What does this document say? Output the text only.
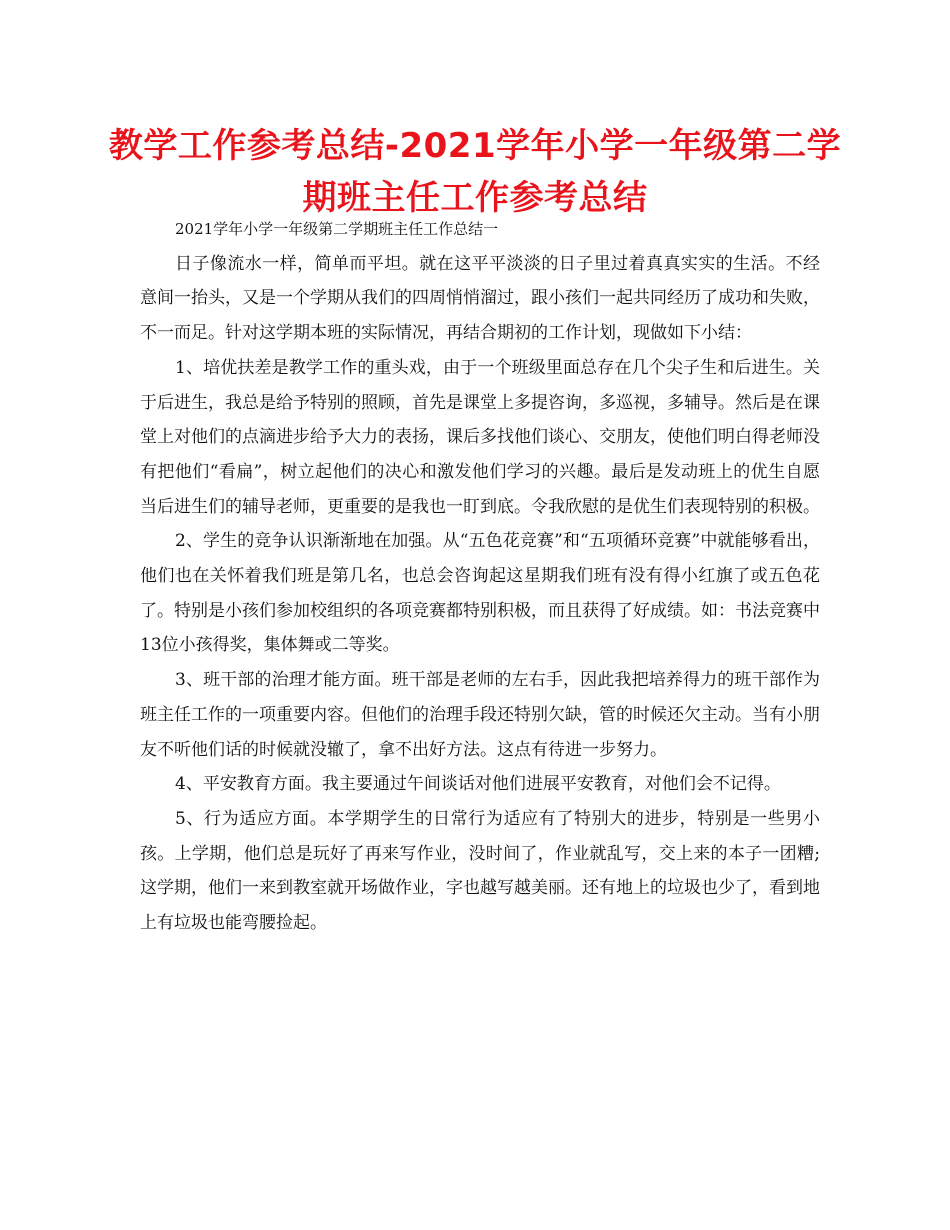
教学工作参考总结-2021学年小学一年级第二学期班主任工作参考总结

2021学年小学一年级第二学期班主任工作总结一

日子像流水一样，简单而平坦。就在这平平淡淡的日子里过着真真实实的生活。不经意间一抬头，又是一个学期从我们的四周悄悄溜过，跟小孩们一起共同经历了成功和失败，不一而足。针对这学期本班的实际情况，再结合期初的工作计划，现做如下小结：

1、培优扶差是教学工作的重头戏，由于一个班级里面总存在几个尖子生和后进生。关于后进生，我总是给予特别的照顾，首先是课堂上多提咨询，多巡视，多辅导。然后是在课堂上对他们的点滴进步给予大力的表扬，课后多找他们谈心、交朋友，使他们明白得老师没有把他们“看扁”，树立起他们的决心和激发他们学习的兴趣。最后是发动班上的优生自愿当后进生们的辅导老师，更重要的是我也一盯到底。令我欣慰的是优生们表现特别的积极。

2、学生的竞争认识渐渐地在加强。从“五色花竞赛”和“五项循环竞赛”中就能够看出，他们也在关怀着我们班是第几名，也总会咨询起这星期我们班有没有得小红旗了或五色花了。特别是小孩们参加校组织的各项竞赛都特别积极，而且获得了好成绩。如：书法竞赛中13位小孩得奖，集体舞或二等奖。

3、班干部的治理才能方面。班干部是老师的左右手，因此我把培养得力的班干部作为班主任工作的一项重要内容。但他们的治理手段还特别欠缺，管的时候还欠主动。当有小朋友不听他们话的时候就没辙了，拿不出好方法。这点有待进一步努力。

4、平安教育方面。我主要通过午间谈话对他们进展平安教育，对他们会不记得。

5、行为适应方面。本学期学生的日常行为适应有了特别大的进步，特别是一些男小孩。上学期，他们总是玩好了再来写作业，没时间了，作业就乱写，交上来的本子一团糟;这学期，他们一来到教室就开场做作业，字也越写越美丽。还有地上的垃圾也少了，看到地上有垃圾也能弯腰捡起。
